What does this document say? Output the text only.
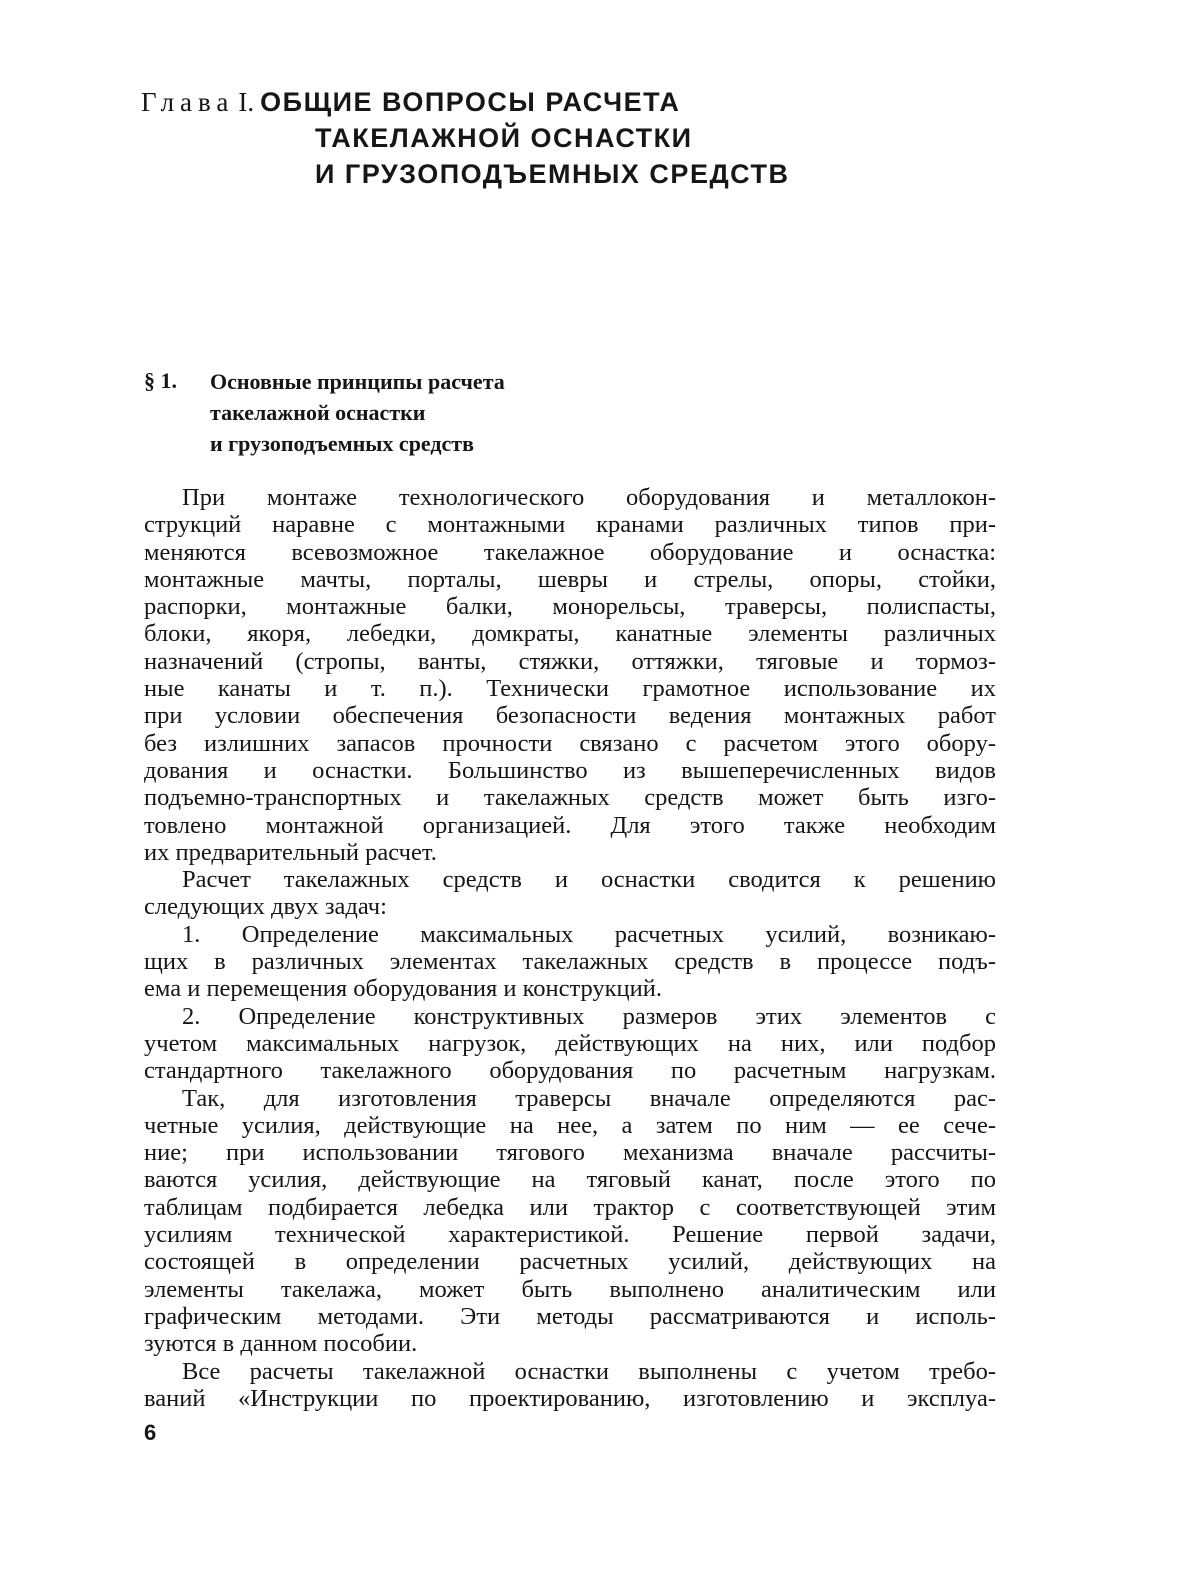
Глава I. ОБЩИЕ ВОПРОСЫ РАСЧЕТА
ТАКЕЛАЖНОЙ ОСНАСТКИ
И ГРУЗОПОДЪЕМНЫХ СРЕДСТВ
§ 1.	Основные принципы расчета
такелажной оснастки
и грузоподъемных средств
При монтаже технологического оборудования и металлокон-
струкций наравне с монтажными кранами различных типов при-
меняются всевозможное такелажное оборудование и оснастка:
монтажные мачты, порталы, шевры и стрелы, опоры, стойки,
распорки, монтажные балки, монорельсы, траверсы, полиспасты,
блоки, якоря, лебедки, домкраты, канатные элементы различных
назначений (стропы, ванты, стяжки, оттяжки, тяговые и тормоз-
ные канаты и т. п.). Технически грамотное использование их
при условии обеспечения безопасности ведения монтажных работ
без излишних запасов прочности связано с расчетом этого обору-
дования и оснастки. Большинство из вышеперечисленных видов
подъемно-транспортных и такелажных средств может быть изго-
товлено монтажной организацией. Для этого также необходим
их предварительный расчет.
Расчет такелажных средств и оснастки сводится к решению
следующих двух задач:
1. Определение максимальных расчетных усилий, возникаю-
щих в различных элементах такелажных средств в процессе подъ-
ема и перемещения оборудования и конструкций.
2. Определение конструктивных размеров этих элементов с
учетом максимальных нагрузок, действующих на них, или подбор
стандартного такелажного оборудования по расчетным нагрузкам.
Так, для изготовления траверсы вначале определяются рас-
четные усилия, действующие на нее, а затем по ним — ее сече-
ние; при использовании тягового механизма вначале рассчиты-
ваются усилия, действующие на тяговый канат, после этого по
таблицам подбирается лебедка или трактор с соответствующей этим
усилиям технической характеристикой. Решение первой задачи,
состоящей в определении расчетных усилий, действующих на
элементы такелажа, может быть выполнено аналитическим или
графическим методами. Эти методы рассматриваются и исполь-
зуются в данном пособии.
Все расчеты такелажной оснастки выполнены с учетом требо-
ваний «Инструкции по проектированию, изготовлению и эксплуа-
6
